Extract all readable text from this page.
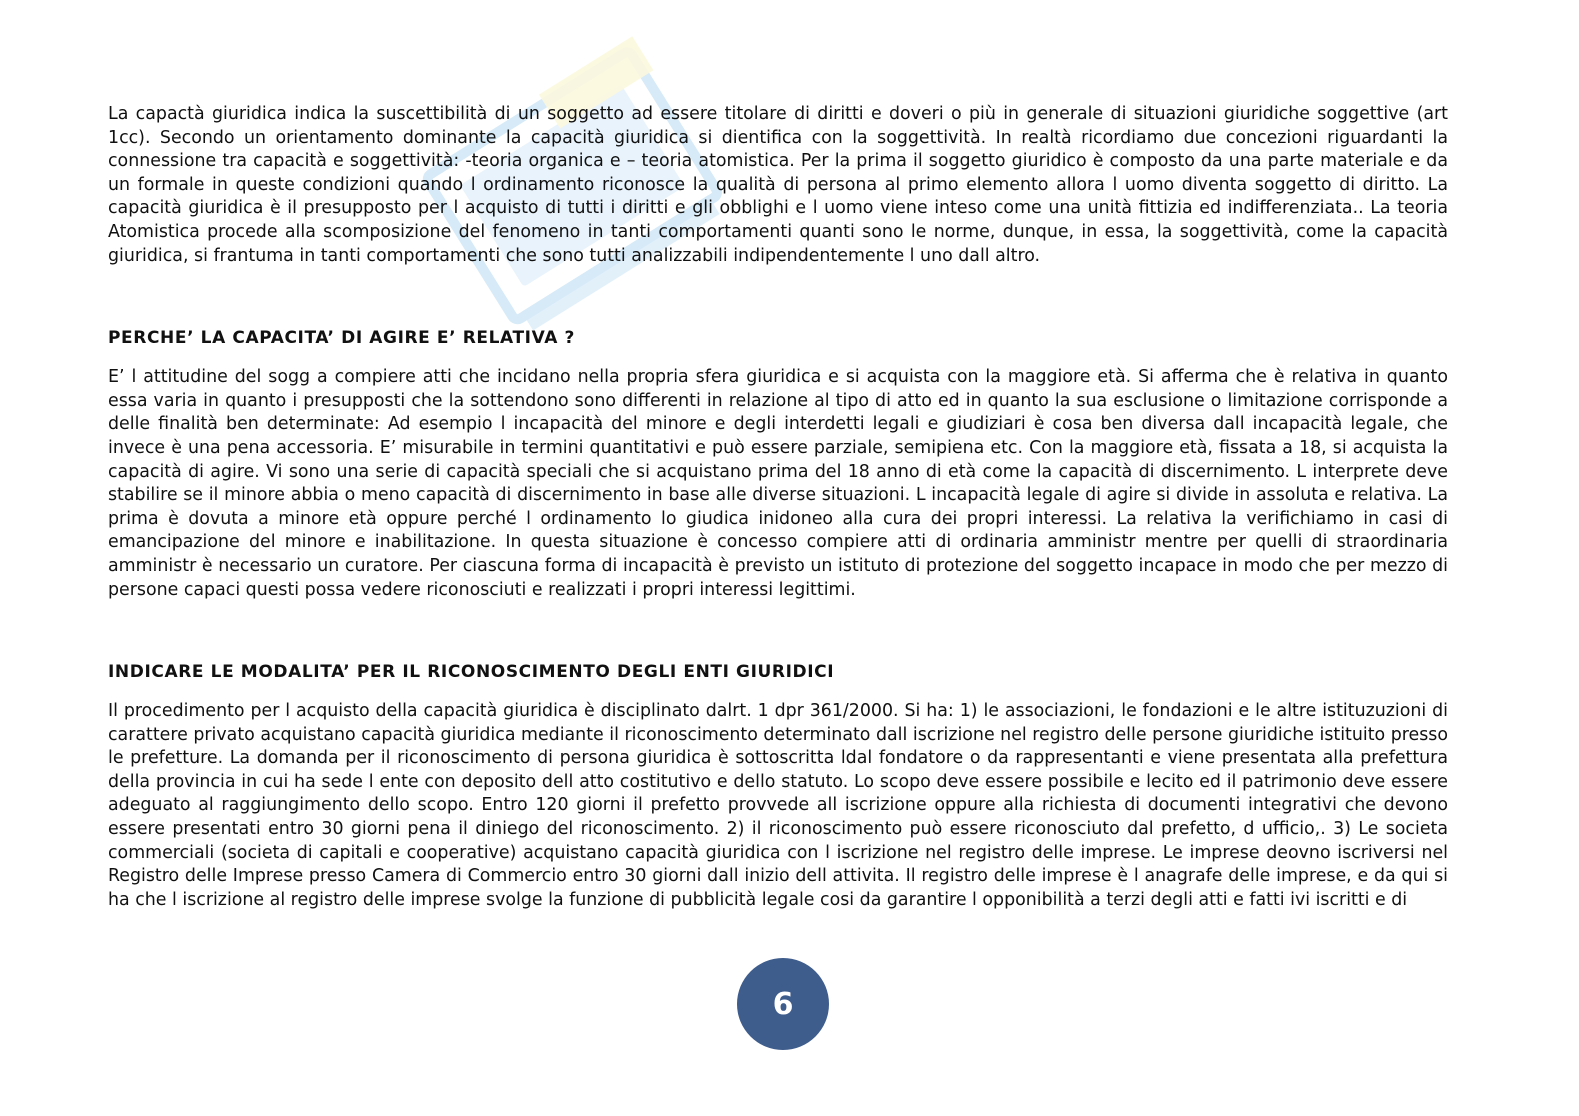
La capactà giuridica indica la suscettibilità di un soggetto ad essere titolare di diritti e doveri o più in generale di situazioni giuridiche soggettive (art 1cc). Secondo un orientamento dominante la capacità giuridica si dientifica con la soggettività. In realtà ricordiamo due concezioni riguardanti la connessione tra capacità e soggettività: -teoria organica e – teoria atomistica. Per la prima il soggetto giuridico è composto da una parte materiale e da un formale in queste condizioni quando l ordinamento riconosce la qualità di persona al primo elemento allora l uomo diventa soggetto di diritto. La capacità giuridica è il presupposto per l acquisto di tutti i diritti e gli obblighi e l uomo viene inteso come una unità fittizia ed indifferenziata.. La teoria Atomistica procede alla scomposizione del fenomeno in tanti comportamenti quanti sono le norme, dunque, in essa, la soggettività, come la capacità giuridica, si frantuma in tanti comportamenti che sono tutti analizzabili indipendentemente l uno dall altro.

PERCHE’ LA CAPACITA’ DI AGIRE E’ RELATIVA ?

E’ l attitudine del sogg a compiere atti che incidano nella propria sfera giuridica e si acquista con la maggiore età. Si afferma che è relativa in quanto essa varia in quanto i presupposti che la sottendono sono differenti in relazione al tipo di atto ed in quanto la sua esclusione o limitazione corrisponde a delle finalità ben determinate: Ad esempio l incapacità del minore e degli interdetti legali e giudiziari è cosa ben diversa dall incapacità legale, che invece è una pena accessoria. E’ misurabile in termini quantitativi e può essere parziale, semipiena etc. Con la maggiore età, fissata a 18, si acquista la capacità di agire. Vi sono una serie di capacità speciali che si acquistano prima del 18 anno di età come la capacità di discernimento. L interprete deve stabilire se il minore abbia o meno capacità di discernimento in base alle diverse situazioni. L incapacità legale di agire si divide in assoluta e relativa. La prima è dovuta a minore età oppure perché l ordinamento lo giudica inidoneo alla cura dei propri interessi. La relativa la verifichiamo in casi di emancipazione del minore e inabilitazione. In questa situazione è concesso compiere atti di ordinaria amministr mentre per quelli di straordinaria amministr è necessario un curatore. Per ciascuna forma di incapacità è previsto un istituto di protezione del soggetto incapace in modo che per mezzo di persone capaci questi possa vedere riconosciuti e realizzati i propri interessi legittimi.

INDICARE LE MODALITA’ PER IL RICONOSCIMENTO DEGLI ENTI GIURIDICI

Il procedimento per l acquisto della capacità giuridica è disciplinato dalrt. 1 dpr 361/2000. Si ha: 1) le associazioni, le fondazioni e le altre istituzuzioni di carattere privato acquistano capacità giuridica mediante il riconoscimento determinato dall iscrizione nel registro delle persone giuridiche istituito presso le prefetture. La domanda per il riconoscimento di persona giuridica è sottoscritta ldal fondatore o da rappresentanti e viene presentata alla prefettura della provincia in cui ha sede l ente con deposito dell atto costitutivo e dello statuto. Lo scopo deve essere possibile e lecito ed il patrimonio deve essere adeguato al raggiungimento dello scopo. Entro 120 giorni il prefetto provvede all iscrizione oppure alla richiesta di documenti integrativi che devono essere presentati entro 30 giorni pena il diniego del riconoscimento. 2) il riconoscimento può essere riconosciuto dal prefetto, d ufficio,. 3) Le societa commerciali (societa di capitali e cooperative) acquistano capacità giuridica con l iscrizione nel registro delle imprese. Le imprese deovno iscriversi nel Registro delle Imprese presso Camera di Commercio entro 30 giorni dall inizio dell attivita. Il registro delle imprese è l anagrafe delle imprese, e da qui si ha che l iscrizione al registro delle imprese svolge la funzione di pubblicità legale cosi da garantire l opponibilità a terzi degli atti e fatti ivi iscritti e di

6
